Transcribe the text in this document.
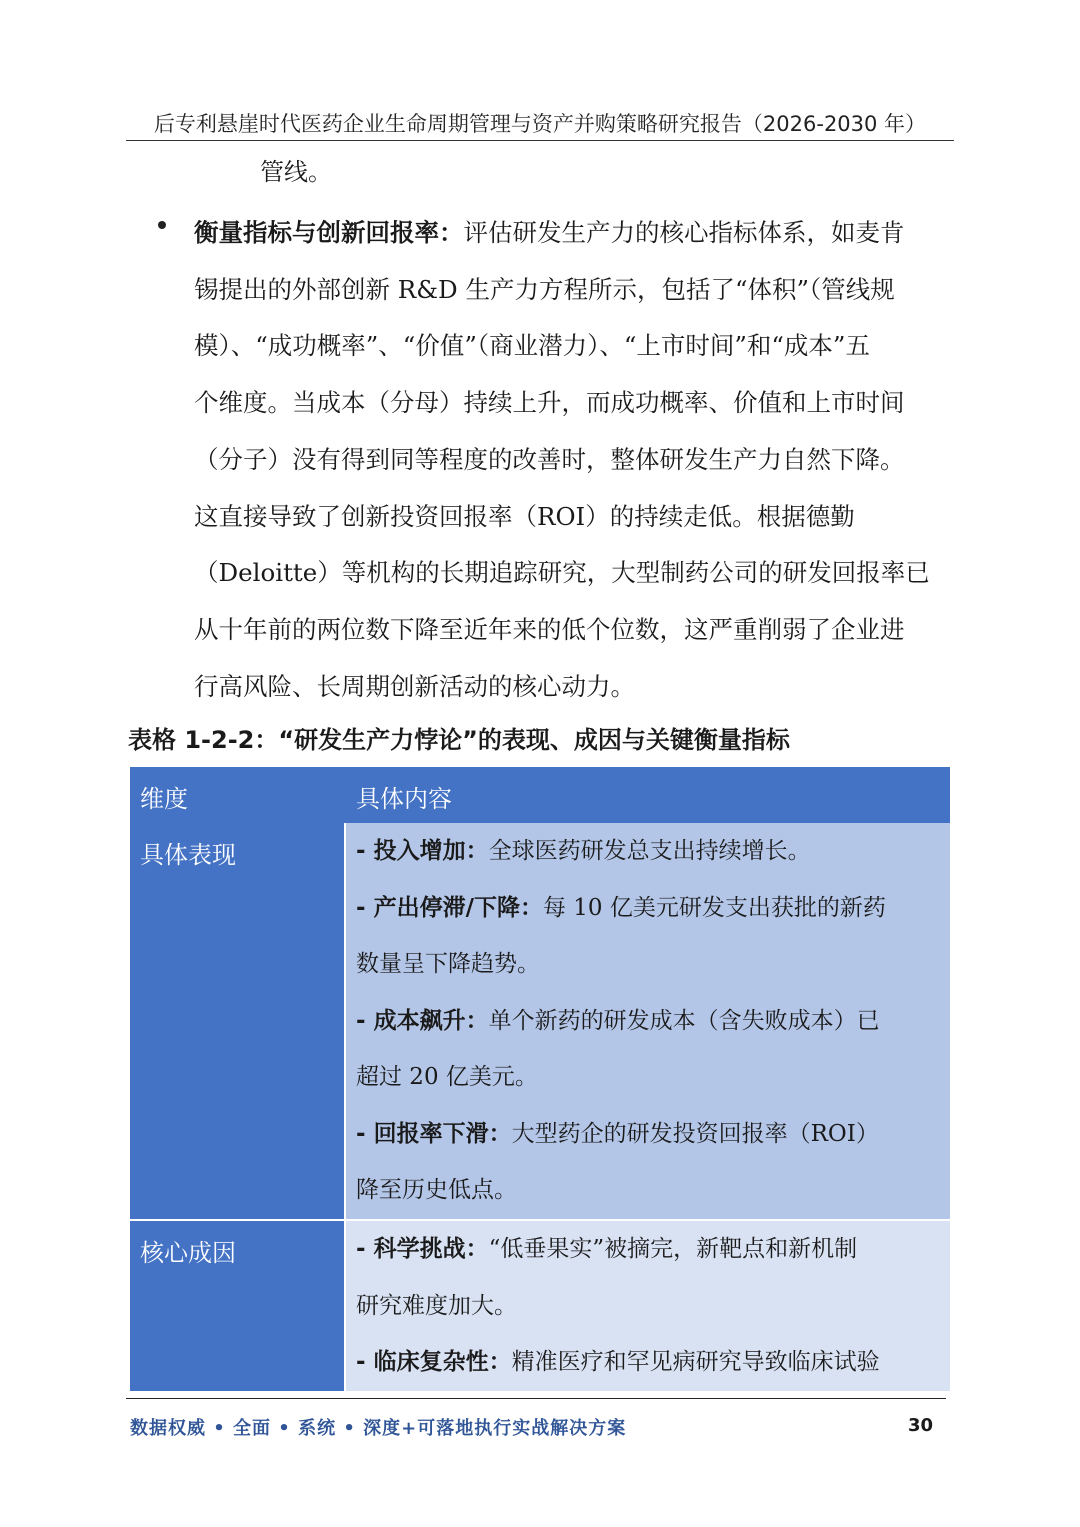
后专利悬崖时代医药企业生命周期管理与资产并购策略研究报告（2026-2030 年）
管线。
衡量指标与创新回报率：评估研发生产力的核心指标体系，如麦肯
锡提出的外部创新 R&D 生产力方程所示，包括了“体积”（管线规
模）、“成功概率”、“价值”（商业潜力）、“上市时间”和“成本”五
个维度。当成本（分母）持续上升，而成功概率、价值和上市时间
（分子）没有得到同等程度的改善时，整体研发生产力自然下降。
这直接导致了创新投资回报率（ROI）的持续走低。根据德勤
（Deloitte）等机构的长期追踪研究，大型制药公司的研发回报率已
从十年前的两位数下降至近年来的低个位数，这严重削弱了企业进
行高风险、长周期创新活动的核心动力。
表格 1-2-2：“研发生产力悖论”的表现、成因与关键衡量指标
维度	具体内容
具体表现	- 投入增加：全球医药研发总支出持续增长。
- 产出停滞/下降：每 10 亿美元研发支出获批的新药
数量呈下降趋势。
- 成本飙升：单个新药的研发成本（含失败成本）已
超过 20 亿美元。
- 回报率下滑：大型药企的研发投资回报率（ROI）
降至历史低点。
核心成因	- 科学挑战：“低垂果实”被摘完，新靶点和新机制
研究难度加大。
- 临床复杂性：精准医疗和罕见病研究导致临床试验
数据权威 • 全面 • 系统 • 深度+可落地执行实战解决方案	30
